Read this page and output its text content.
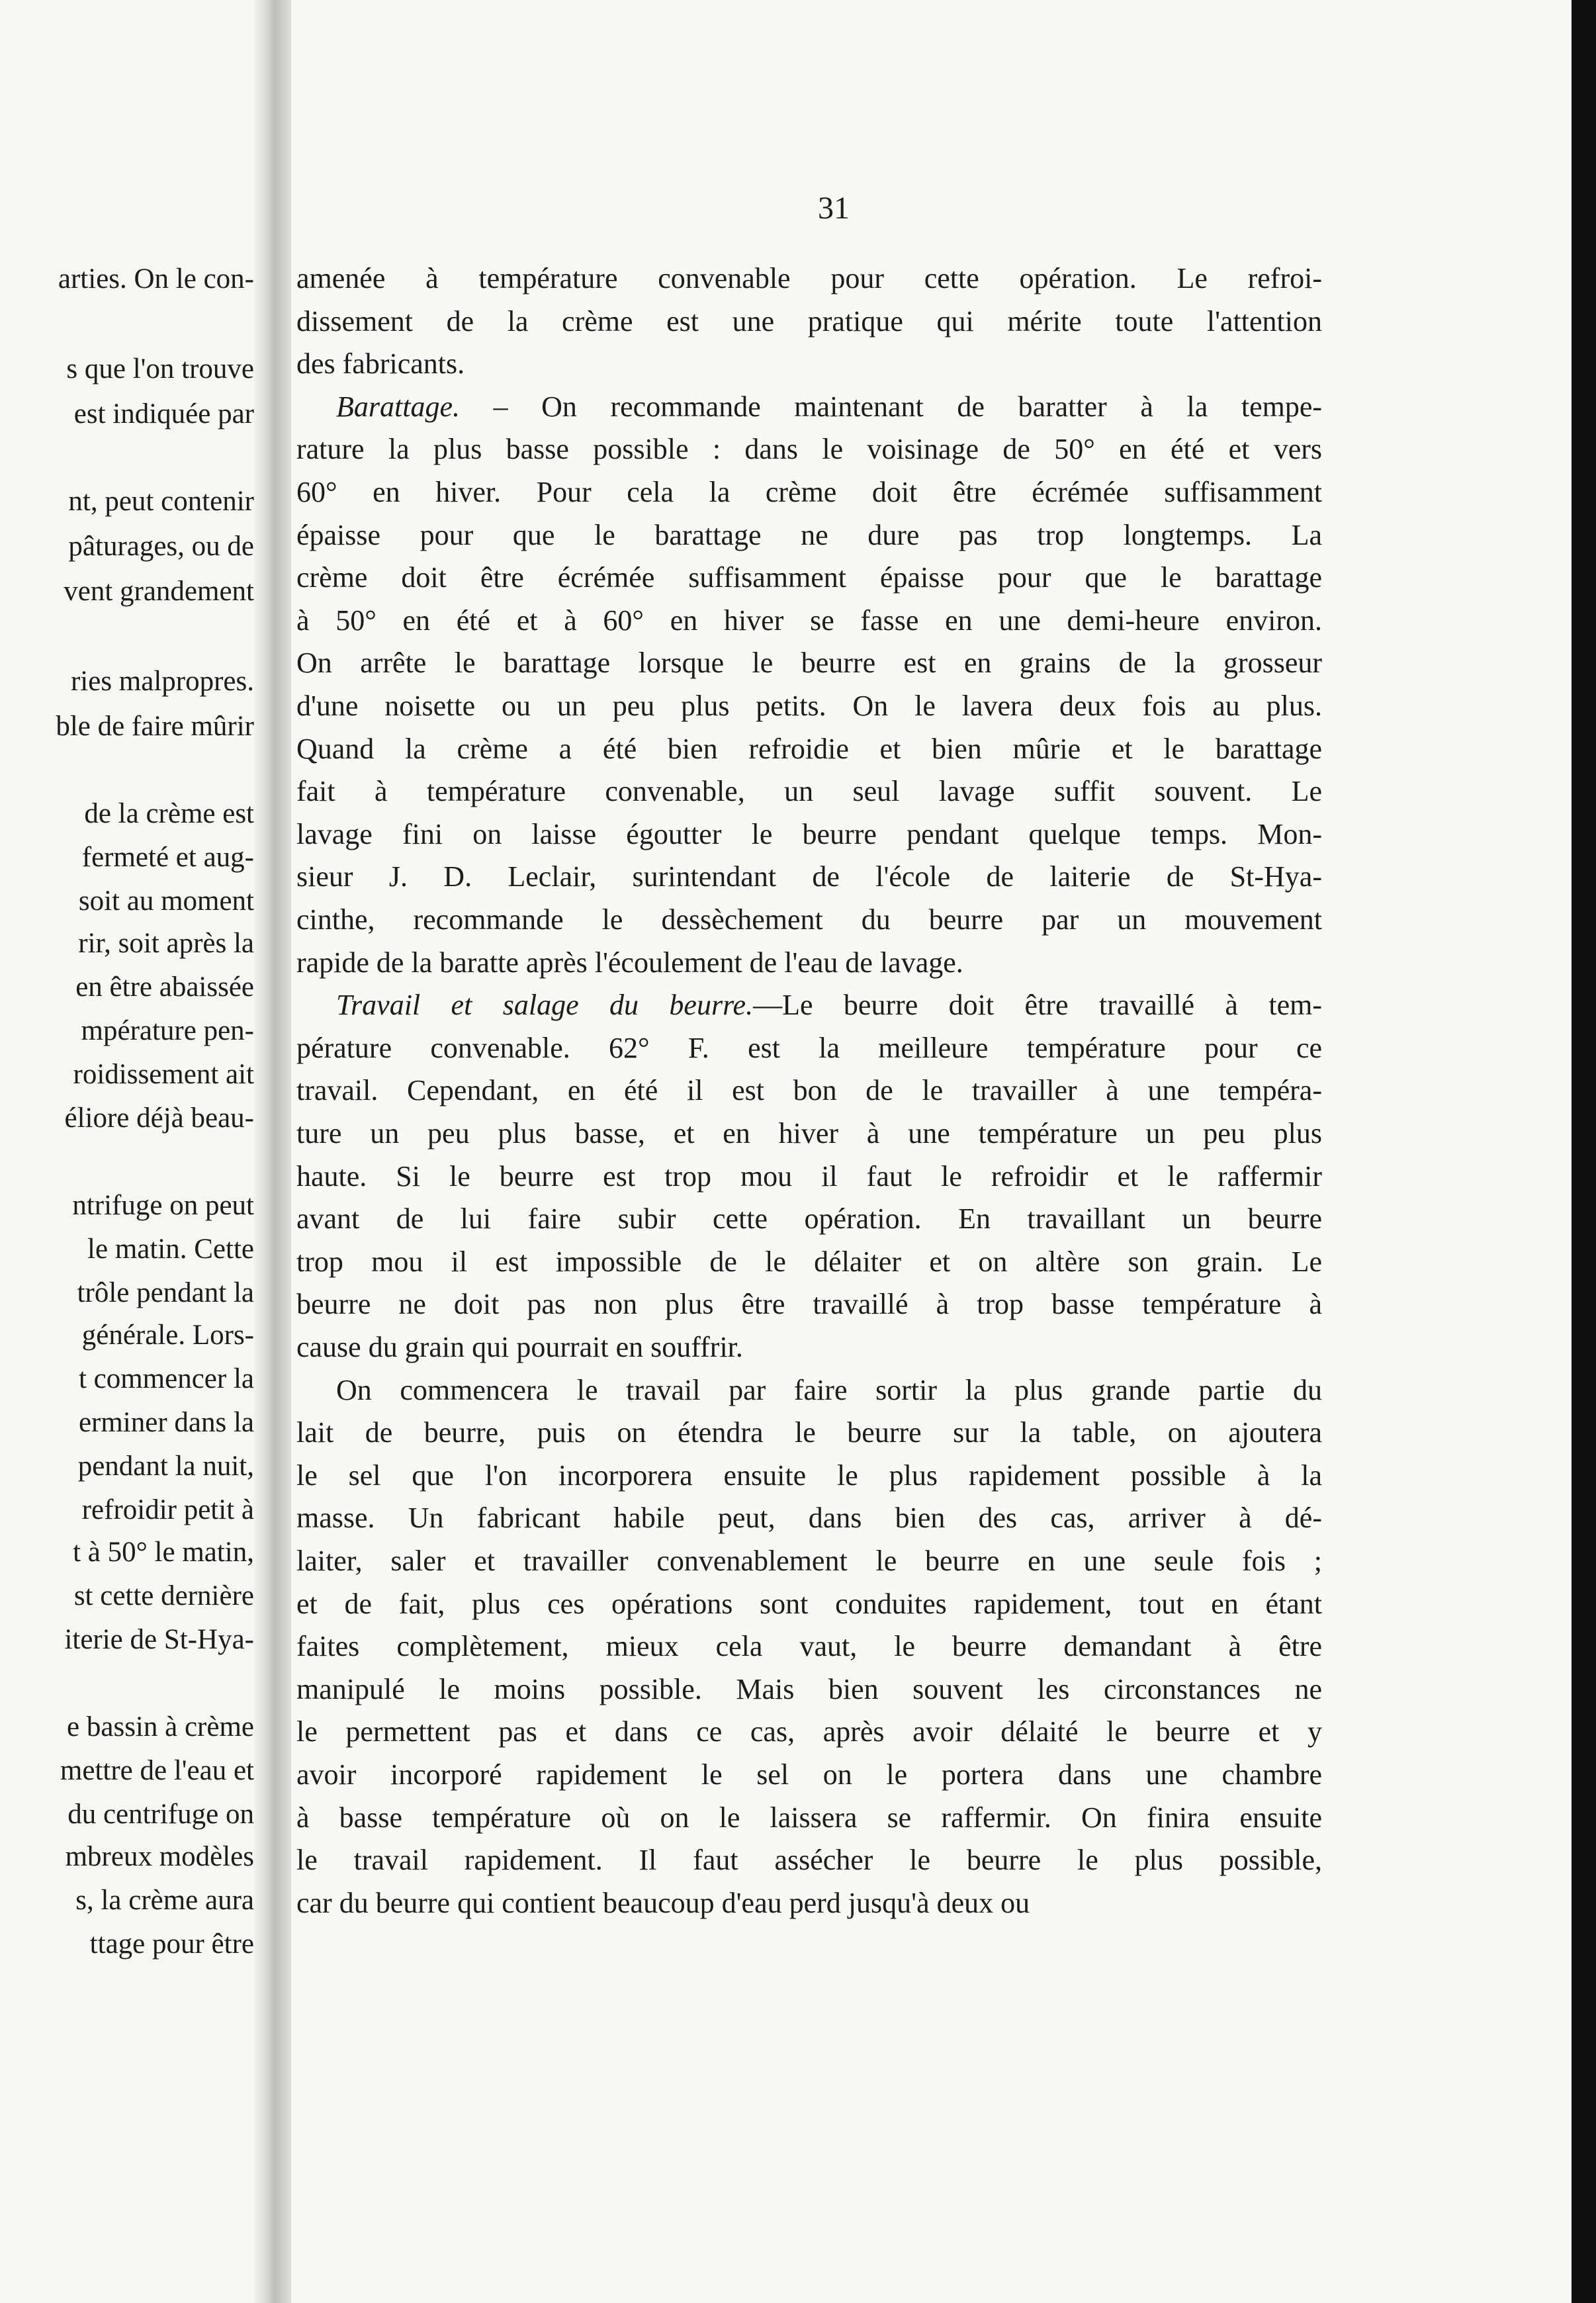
arties. On le con-
s que l'on trouve
est indiquée par
nt, peut contenir
pâturages, ou de
vent grandement
ries malpropres.
ble de faire mûrir
de la crème est
fermeté et aug-
soit au moment
rir, soit après la
en être abaissée
mpérature pen-
roidissement ait
éliore déjà beau-
ntrifuge on peut
le matin. Cette
trôle pendant la
générale. Lors-
t commencer la
erminer dans la
pendant la nuit,
refroidir petit à
t à 50° le matin,
st cette dernière
iterie de St-Hya-
e bassin à crème
mettre de l'eau et
du centrifuge on
mbreux modèles
s, la crème aura
ttage pour être
31
amenée à température convenable pour cette opération. Le refroi-
dissement de la crème est une pratique qui mérite toute l'attention
des fabricants.
Barattage. – On recommande maintenant de baratter à la tempe-
rature la plus basse possible : dans le voisinage de 50° en été et vers
60° en hiver. Pour cela la crème doit être écrémée suffisamment
épaisse pour que le barattage ne dure pas trop longtemps. La
crème doit être écrémée suffisamment épaisse pour que le barattage
à 50° en été et à 60° en hiver se fasse en une demi-heure environ.
On arrête le barattage lorsque le beurre est en grains de la grosseur
d'une noisette ou un peu plus petits. On le lavera deux fois au plus.
Quand la crème a été bien refroidie et bien mûrie et le barattage
fait à température convenable, un seul lavage suffit souvent. Le
lavage fini on laisse égoutter le beurre pendant quelque temps. Mon-
sieur J. D. Leclair, surintendant de l'école de laiterie de St-Hya-
cinthe, recommande le dessèchement du beurre par un mouvement
rapide de la baratte après l'écoulement de l'eau de lavage.
Travail et salage du beurre.—Le beurre doit être travaillé à tem-
pérature convenable. 62° F. est la meilleure température pour ce
travail. Cependant, en été il est bon de le travailler à une tempéra-
ture un peu plus basse, et en hiver à une température un peu plus
haute. Si le beurre est trop mou il faut le refroidir et le raffermir
avant de lui faire subir cette opération. En travaillant un beurre
trop mou il est impossible de le délaiter et on altère son grain. Le
beurre ne doit pas non plus être travaillé à trop basse température à
cause du grain qui pourrait en souffrir.
On commencera le travail par faire sortir la plus grande partie du
lait de beurre, puis on étendra le beurre sur la table, on ajoutera
le sel que l'on incorporera ensuite le plus rapidement possible à la
masse. Un fabricant habile peut, dans bien des cas, arriver à dé-
laiter, saler et travailler convenablement le beurre en une seule fois ;
et de fait, plus ces opérations sont conduites rapidement, tout en étant
faites complètement, mieux cela vaut, le beurre demandant à être
manipulé le moins possible. Mais bien souvent les circonstances ne
le permettent pas et dans ce cas, après avoir délaité le beurre et y
avoir incorporé rapidement le sel on le portera dans une chambre
à basse température où on le laissera se raffermir. On finira ensuite
le travail rapidement. Il faut assécher le beurre le plus possible,
car du beurre qui contient beaucoup d'eau perd jusqu'à deux ou
